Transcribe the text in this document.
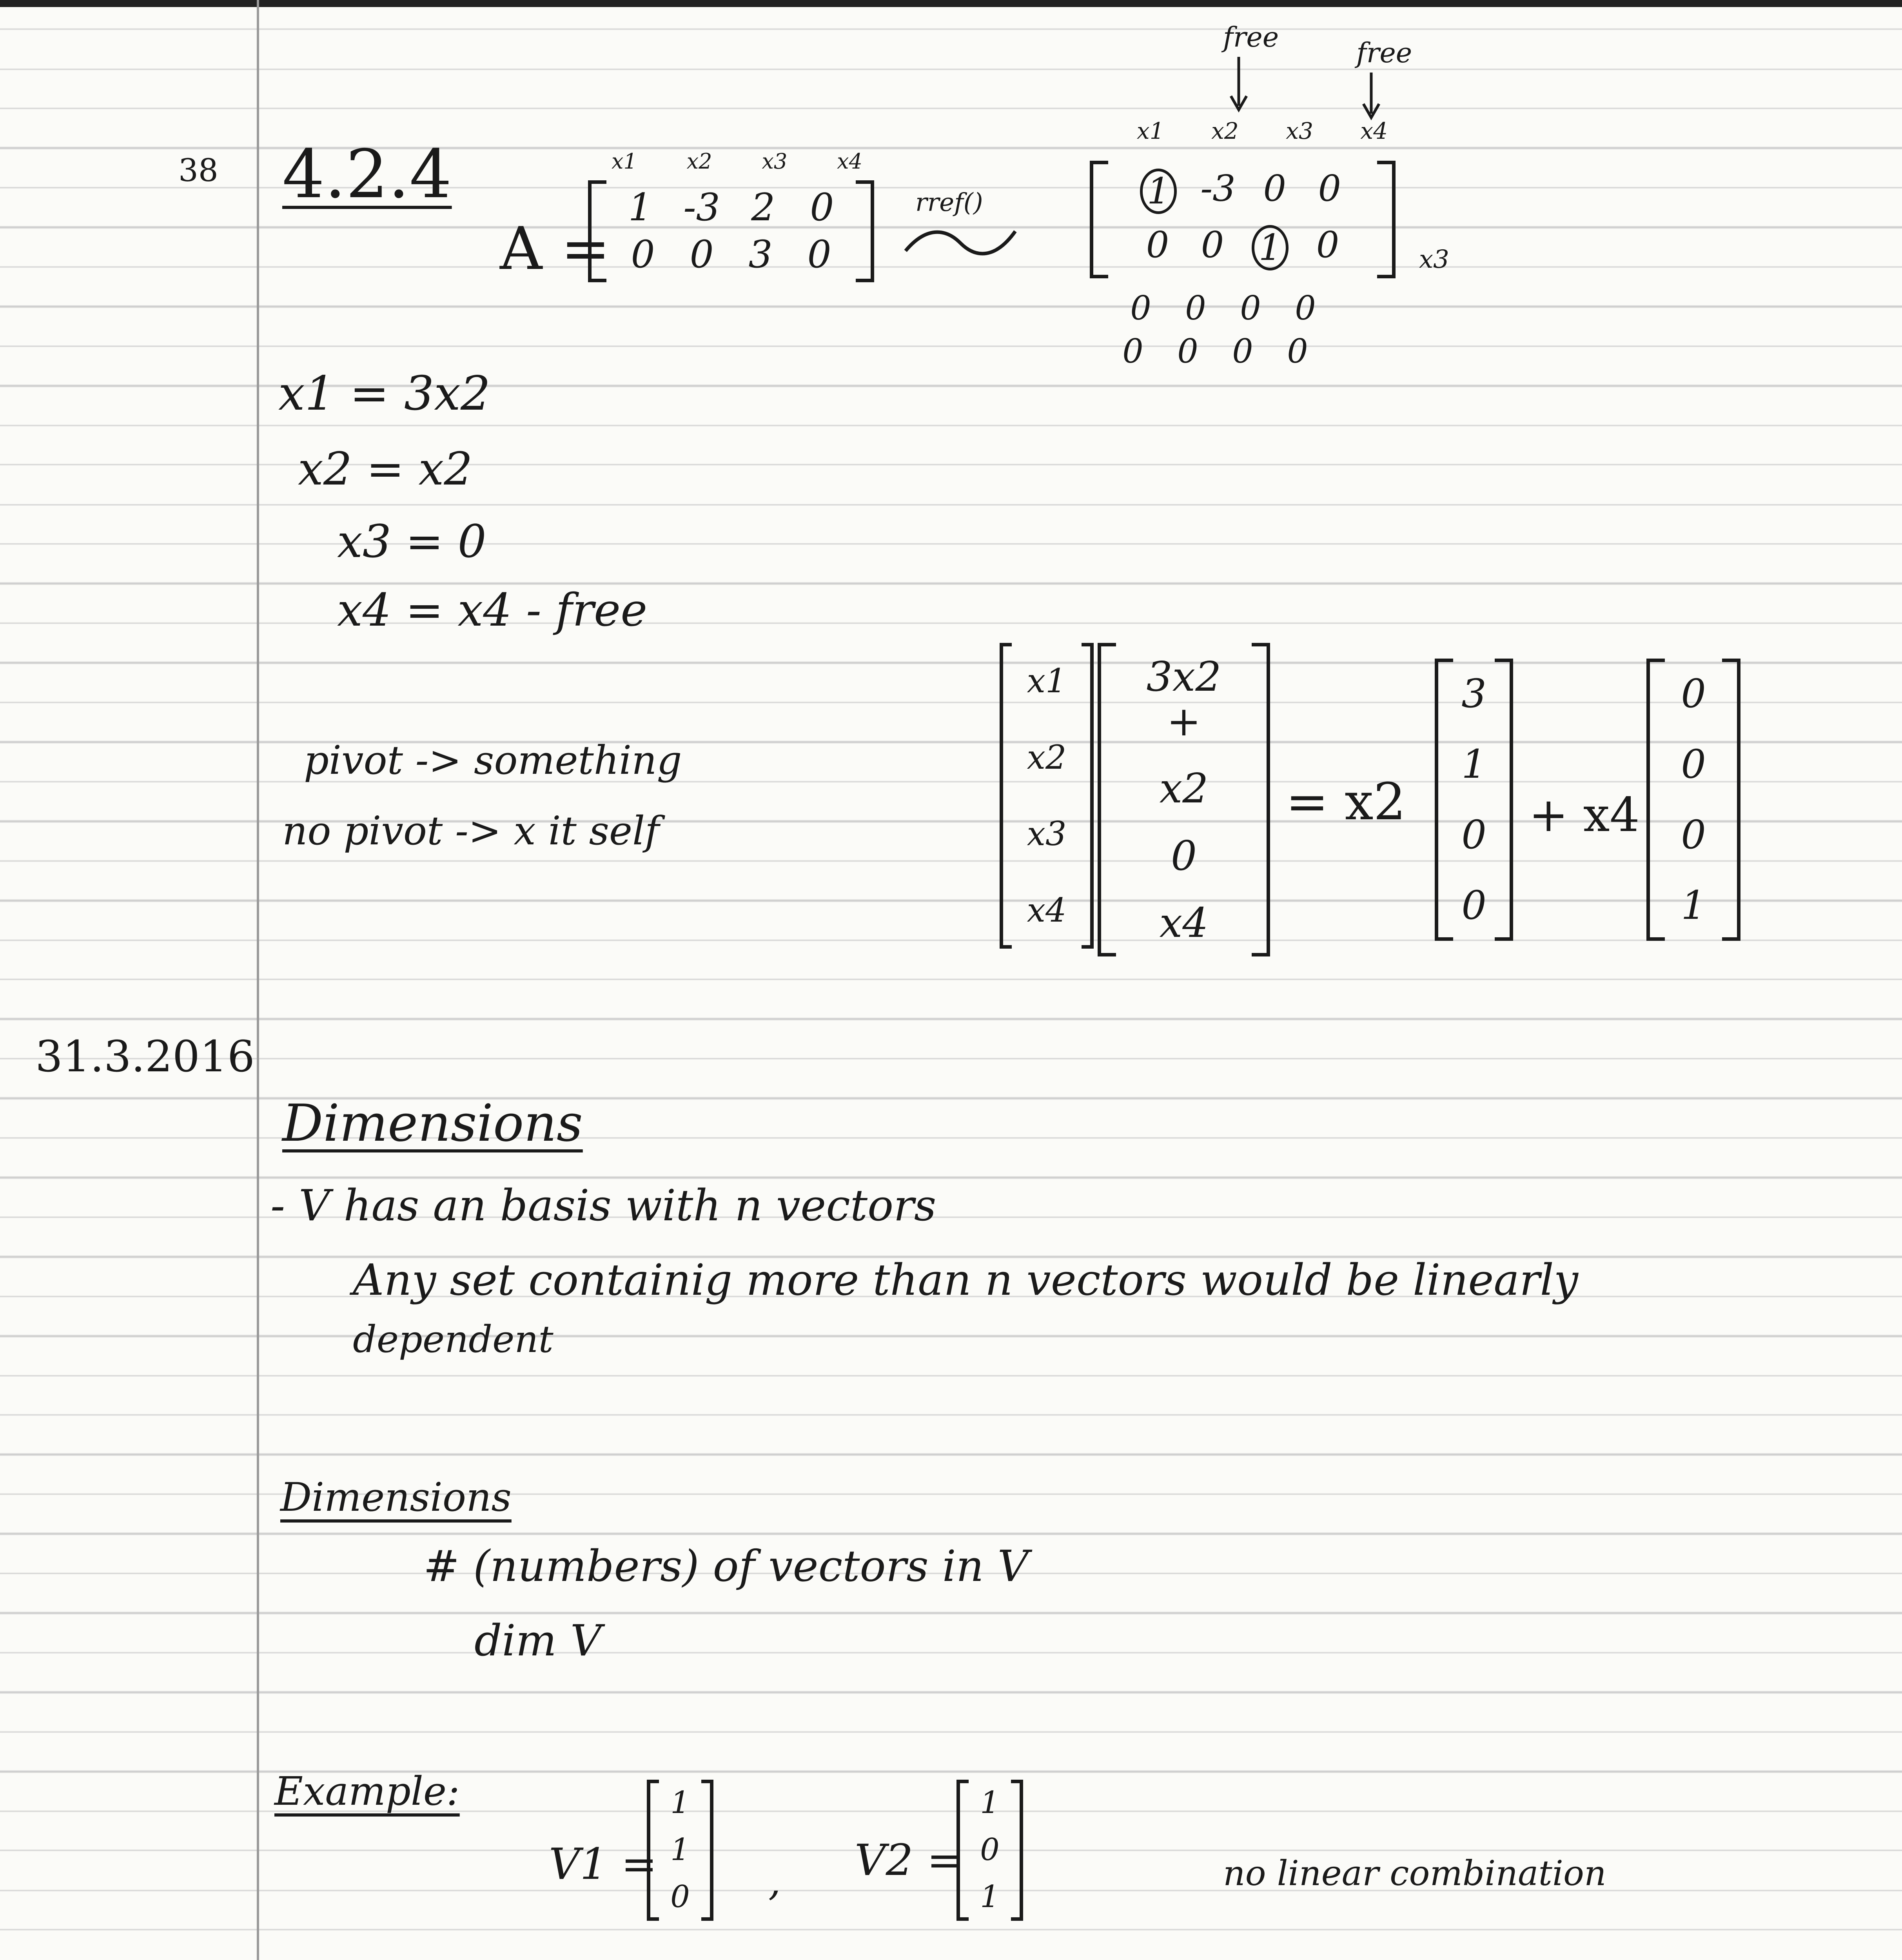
38 4.2.4
A =
x1 x2 x3 x4
1 -3 2 0
0 0 3 0
rref()
free	free
x1 x2 x3 x4
1 -3 0 0
0 0 1 0	x3
0 0 0 0
0 0 0 0
x1 = 3x2
x2 = x2
x3 = 0
x4 = x4 - free
pivot -> something
no pivot -> x it self
x1
x2
x3
x4
3x2 +
x2
0
x4
= x2
3
1
0
0
+ x4
0
0
0
1
31.3.2016
Dimensions
- V has an basis with n vectors
Any set containig more than n vectors would be linearly
dependent
Dimensions
# (numbers) of vectors in V
dim V
Example:
V1 =
1
1
0 , V2 =
1
0
1
no linear combination
